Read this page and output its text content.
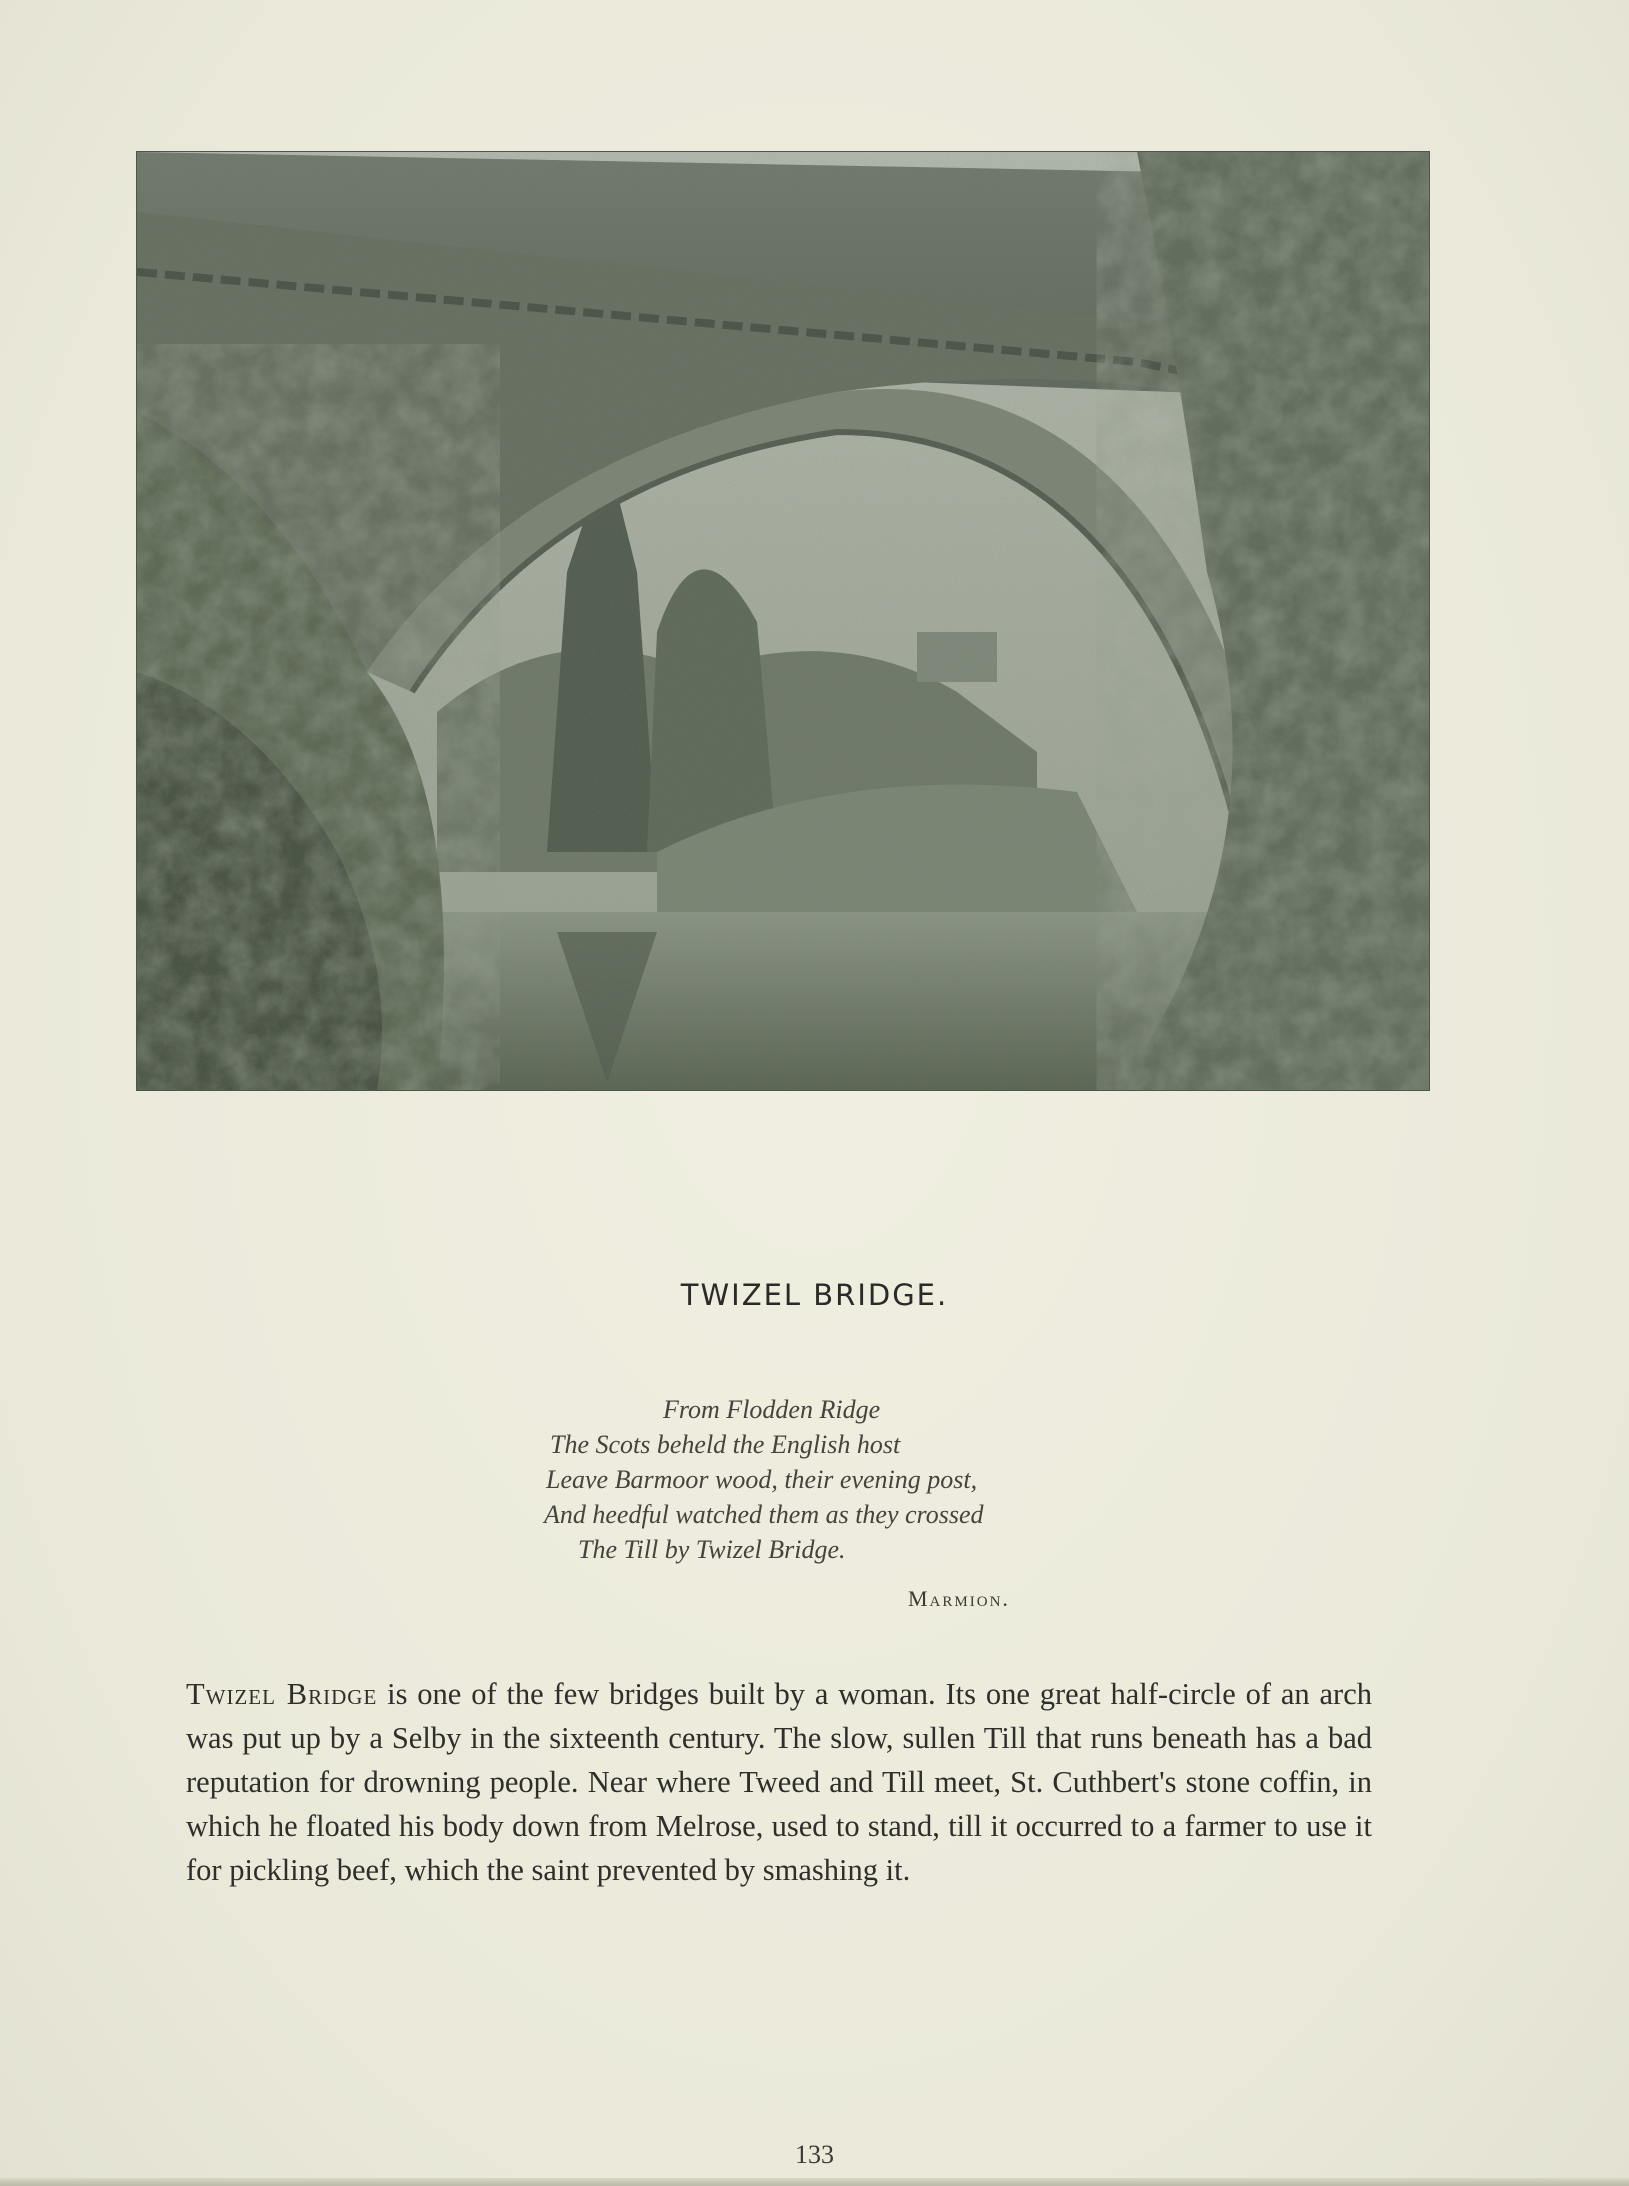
TWIZEL BRIDGE.
From Flodden Ridge
The Scots beheld the English host
Leave Barmoor wood, their evening post,
And heedful watched them as they crossed
The Till by Twizel Bridge.
Marmion.
Twizel Bridge is one of the few bridges built by a woman. Its one great half-circle of an arch was put up by a Selby in the sixteenth century. The slow, sullen Till that runs beneath has a bad reputation for drowning people. Near where Tweed and Till meet, St. Cuthbert's stone coffin, in which he floated his body down from Melrose, used to stand, till it occurred to a farmer to use it for pickling beef, which the saint prevented by smashing it.
133
